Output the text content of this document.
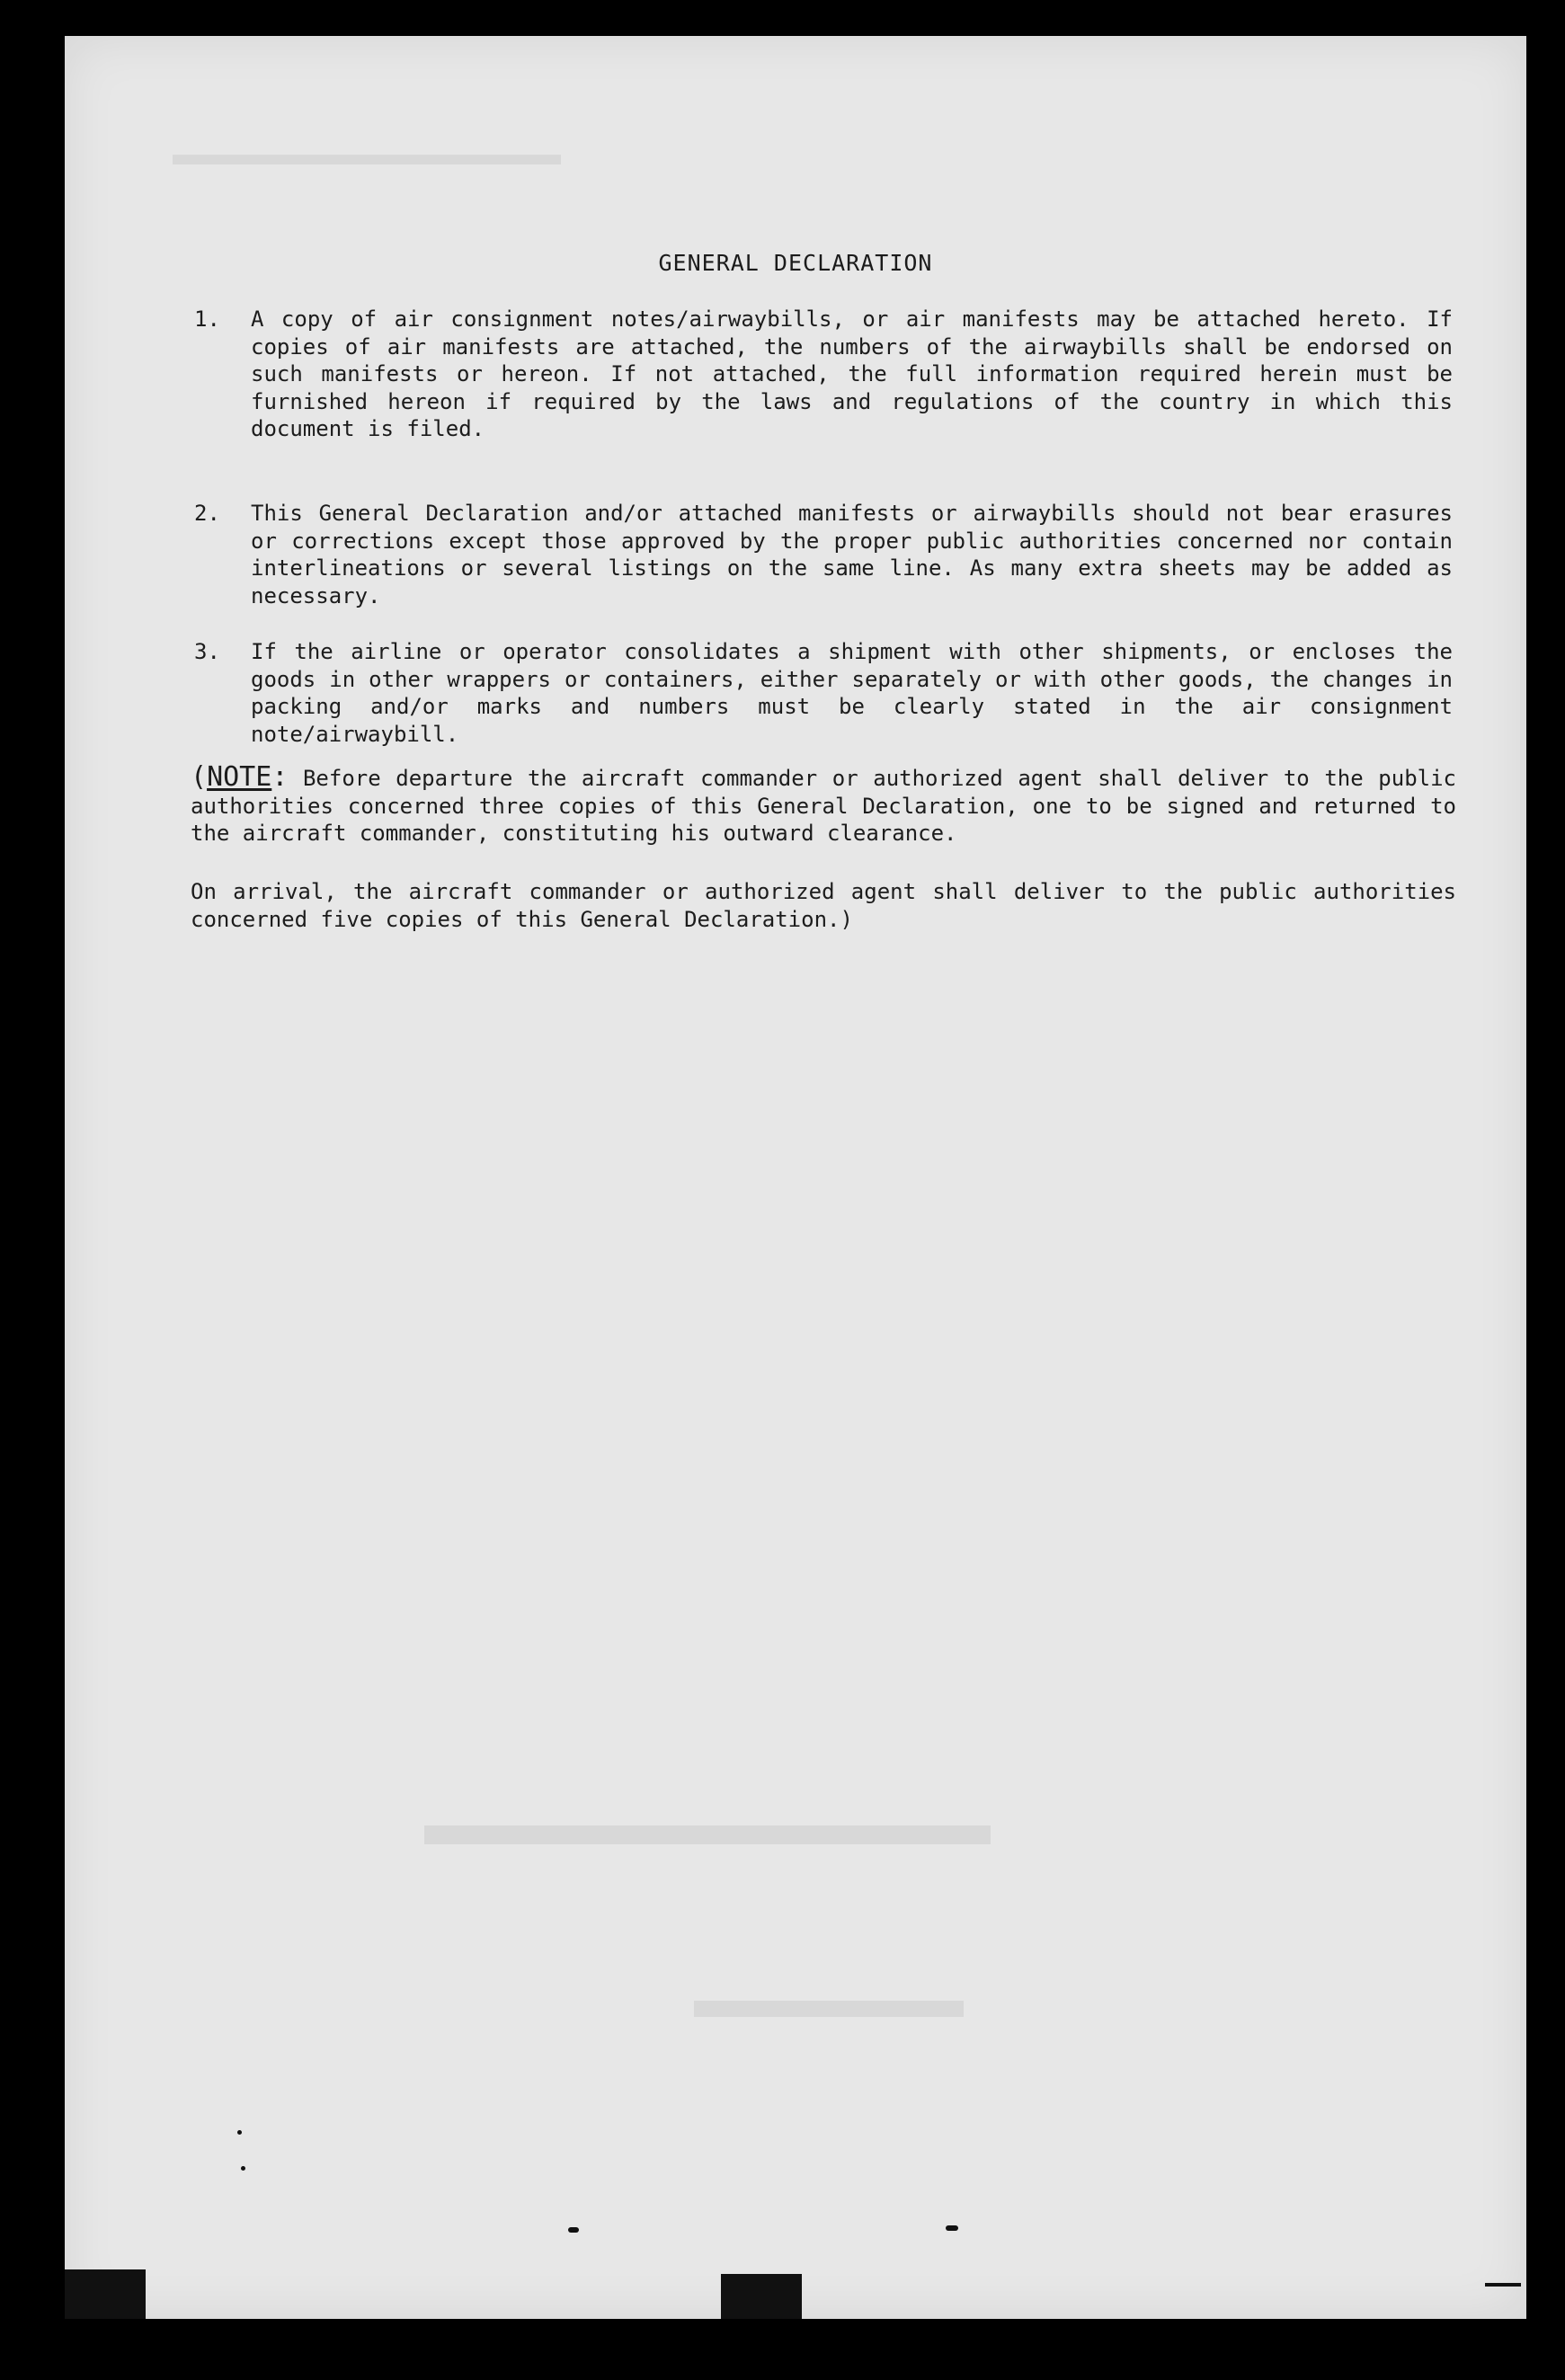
▬▬▬▬▬▬▬▬▬
▬▬▬▬▬
▬▬▬▬▬▬▬▬▬▬▬▬
GENERAL DECLARATION
1. A copy of air consignment notes/airwaybills, or air manifests may be attached hereto. If copies of air manifests are attached, the numbers of the airwaybills shall be endorsed on such manifests or hereon. If not attached, the full information required herein must be furnished hereon if required by the laws and regulations of the country in which this document is filed.
2. This General Declaration and/or attached manifests or airwaybills should not bear erasures or corrections except those approved by the proper public authorities concerned nor contain interlineations or several listings on the same line. As many extra sheets may be added as necessary.
3. If the airline or operator consolidates a shipment with other shipments, or encloses the goods in other wrappers or containers, either separately or with other goods, the changes in packing and/or marks and numbers must be clearly stated in the air consignment note/airwaybill.
(NOTE: Before departure the aircraft commander or authorized agent shall deliver to the public authorities concerned three copies of this General Declaration, one to be signed and returned to the aircraft commander, constituting his outward clearance.
On arrival, the aircraft commander or authorized agent shall deliver to the public authorities concerned five copies of this General Declaration.)
